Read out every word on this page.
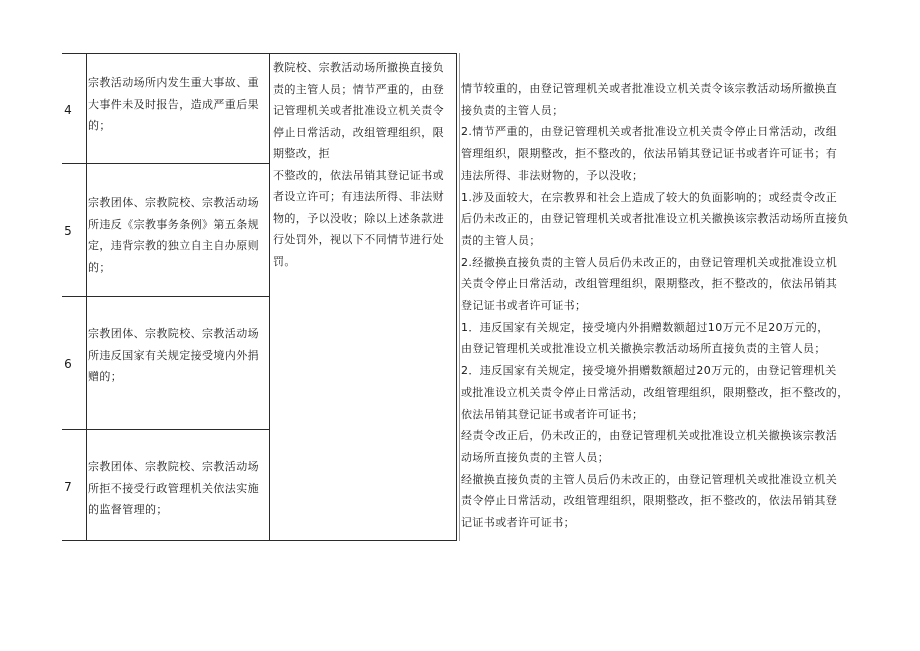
4
5
6
7
宗教活动场所内发生重大事故、重
大事件未及时报告，造成严重后果
的；
宗教团体、宗教院校、宗教活动场
所违反《宗教事务条例》第五条规
定，违背宗教的独立自主自办原则
的；
宗教团体、宗教院校、宗教活动场
所违反国家有关规定接受境内外捐
赠的；
宗教团体、宗教院校、宗教活动场
所拒不接受行政管理机关依法实施
的监督管理的；
教院校、宗教活动场所撤换直接负
责的主管人员；情节严重的，由登
记管理机关或者批准设立机关责令
停止日常活动，改组管理组织，限
期整改，拒
不整改的，依法吊销其登记证书或
者设立许可；有违法所得、非法财
物的，予以没收；除以上述条款进
行处罚外，视以下不同情节进行处
罚。
情节较重的，由登记管理机关或者批准设立机关责令该宗教活动场所撤换直
接负责的主管人员；
2.情节严重的，由登记管理机关或者批准设立机关责令停止日常活动，改组
管理组织，限期整改，拒不整改的，依法吊销其登记证书或者许可证书；有
违法所得、非法财物的，予以没收；
1.涉及面较大，在宗教界和社会上造成了较大的负面影响的；或经责令改正
后仍未改正的，由登记管理机关或者批准设立机关撤换该宗教活动场所直接负
责的主管人员；
2.经撤换直接负责的主管人员后仍未改正的，由登记管理机关或批准设立机
关责令停止日常活动，改组管理组织，限期整改，拒不整改的，依法吊销其
登记证书或者许可证书；
1．违反国家有关规定，接受境内外捐赠数额超过10万元不足20万元的，
由登记管理机关或批准设立机关撤换宗教活动场所直接负责的主管人员；
2．违反国家有关规定，接受境外捐赠数额超过20万元的，由登记管理机关
或批准设立机关责令停止日常活动，改组管理组织，限期整改，拒不整改的，
依法吊销其登记证书或者许可证书；
经责令改正后，仍未改正的，由登记管理机关或批准设立机关撤换该宗教活
动场所直接负责的主管人员；
经撤换直接负责的主管人员后仍未改正的，由登记管理机关或批准设立机关
责令停止日常活动，改组管理组织，限期整改，拒不整改的，依法吊销其登
记证书或者许可证书；
